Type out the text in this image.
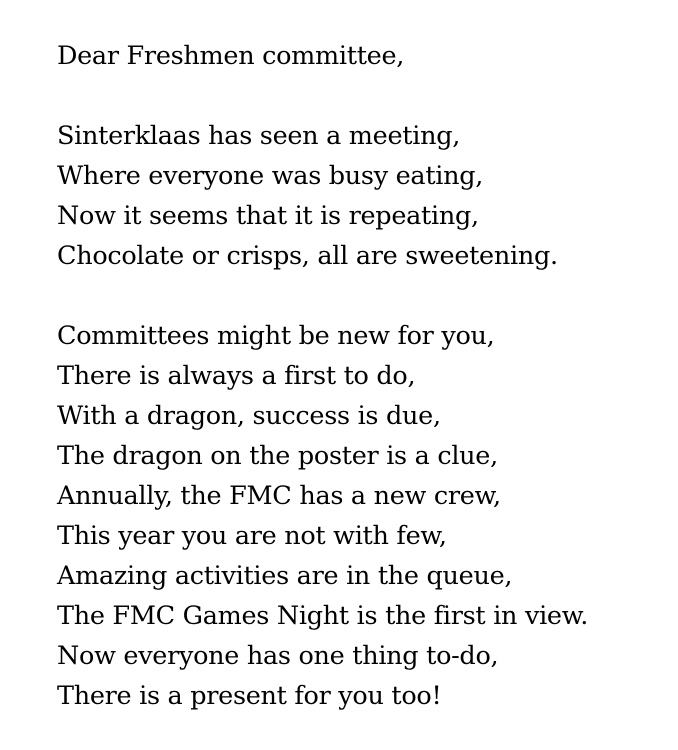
Dear Freshmen committee,
Sinterklaas has seen a meeting,
Where everyone was busy eating,
Now it seems that it is repeating,
Chocolate or crisps, all are sweetening.
Committees might be new for you,
There is always a first to do,
With a dragon, success is due,
The dragon on the poster is a clue,
Annually, the FMC has a new crew,
This year you are not with few,
Amazing activities are in the queue,
The FMC Games Night is the first in view.
Now everyone has one thing to-do,
There is a present for you too!
